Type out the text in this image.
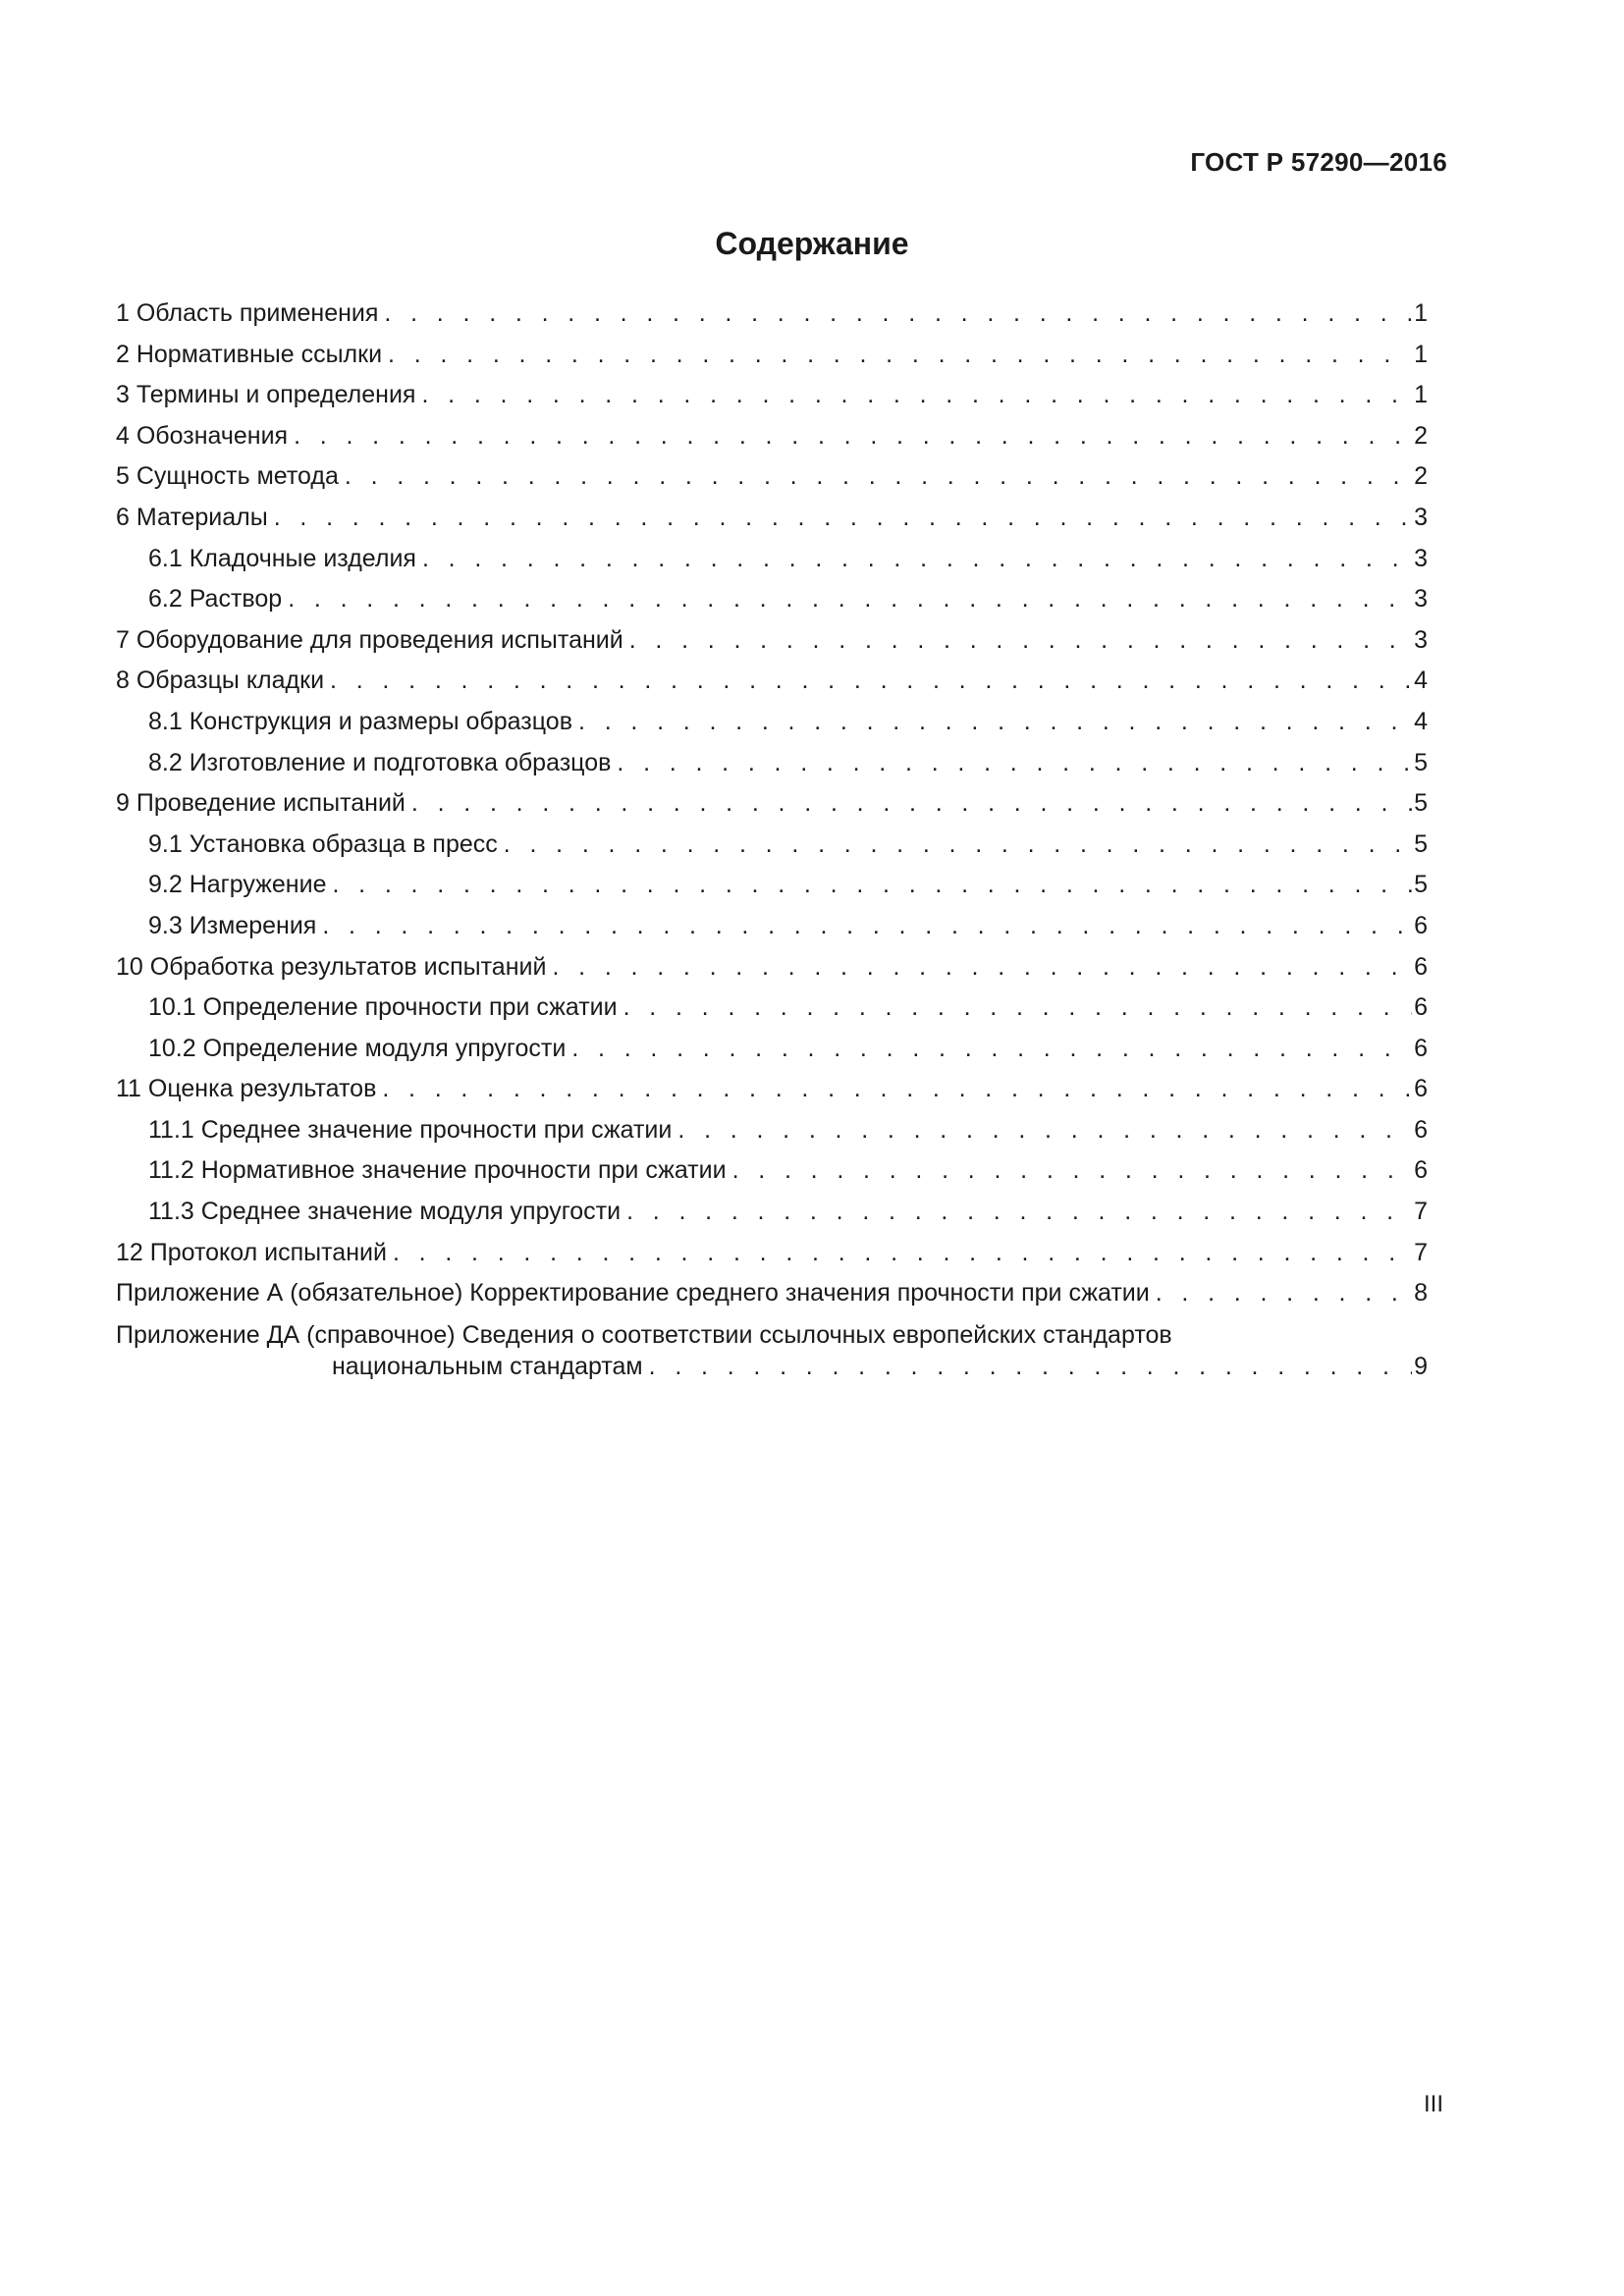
ГОСТ Р 57290—2016
Содержание
1 Область применения . . .	1
2 Нормативные ссылки . . .	1
3 Термины и определения . . .	1
4 Обозначения . . .	2
5 Сущность метода . . .	2
6 Материалы . . .	3
6.1 Кладочные изделия . . .	3
6.2 Раствор . . .	3
7 Оборудование для проведения испытаний . . .	3
8 Образцы кладки . . .	4
8.1 Конструкция и размеры образцов . . .	4
8.2 Изготовление и подготовка образцов . . .	5
9 Проведение испытаний . . .	5
9.1 Установка образца в пресс . . .	5
9.2 Нагружение . . .	5
9.3 Измерения . . .	6
10 Обработка результатов испытаний . . .	6
10.1 Определение прочности при сжатии . . .	6
10.2 Определение модуля упругости . . .	6
11 Оценка результатов . . .	6
11.1 Среднее значение прочности при сжатии . . .	6
11.2 Нормативное значение прочности при сжатии . . .	6
11.3 Среднее значение модуля упругости . . .	7
12 Протокол испытаний . . .	7
Приложение А (обязательное) Корректирование среднего значения прочности при сжатии . . .	8
Приложение ДА (справочное) Сведения о соответствии ссылочных европейских стандартов
национальным стандартам . . .	9
III
